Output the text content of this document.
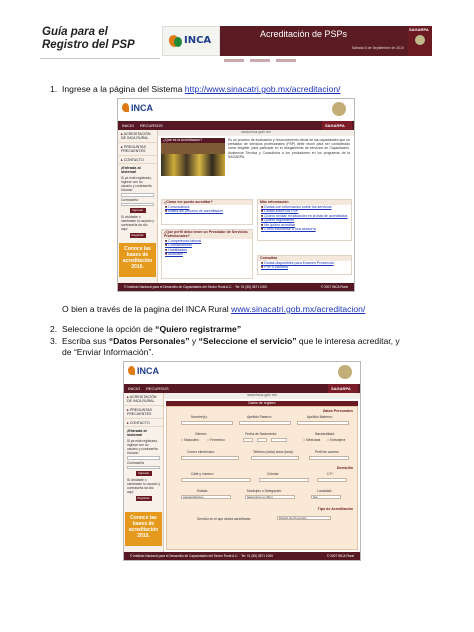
Guía para el
Registro del PSP	INCA
Acreditación de PSPs
Sábado 6 de Septiembre de 2010
SAGARPA
1. Ingrese a la página del Sistema http://www.sinacatri.gob.mx/acreditacion/
INCA
INICIO RECURSOS	SAGARPA
www.inca.gob.mx
▸ ACREDITACIÓN DE INCA RURAL
▸ PREGUNTAS FRECUENTES
▸ CONTACTO
¡Entrada al sistema!
Si ya está registrado, ingrese con su usuario y contraseña
Usuario
Contraseña
Ingresar
Si olvidaste o cambiaste tu usuario y contraseña da clic aquí
Registrar
Conoce las bases de acreditación 2010.
¿Qué es la Acreditación?	Es un proceso de evaluación y reconocimiento oficial de las capacidades que un prestador de servicios profesionales (PSP) debe reunir para ser considerado como elegible, para participar en el otorgamiento de servicios de Capacitación, Asistencia Técnica y Consultoría a los productores en los programas de la SAGARPA.
¿Cómo me puedo acreditar?
■ Convocatoria
■ Bases del proceso de acreditación
Más información
■ Dudas con información sobre los servicios
■ Dudas sobre los PSP
■ Quiero revisar mi situación en la lista de acreditados
■ Quiero registrarme
■ Me quiero acreditar
■ Cómo inscribirse a una asesoría
¿Qué perfil debo tener un Prestador de Servicios Profesionales?
■ Competencia laboral
■ Conocimientos
■ Habilidades
■ Actitudes
Consultas
■ Dudas disponibles para Examen Presencial
■ PSP's inscritos
© Instituto Nacional para el Desarrollo de Capacidades del Sector Rural A.C. · Tel: 01 (55) 3871 1000	© 2007 INCA Rural
O bien a través de la pagina del INCA Rural www.sinacatri.gob.mx/acreditacion/
2. Seleccione la opción de “Quiero registrarme”
3. Escriba sus “Datos Personales” y “Seleccione el servicio” que le interesa acreditar, y
de “Enviar Información”.
INCA
INICIO RECURSOS	SAGARPA
www.inca.gob.mx
▸ ACREDITACIÓN DE INCA RURAL
▸ PREGUNTAS FRECUENTES
▸ CONTACTO
¡Entrada al sistema!
Si ya está registrado, ingrese con su usuario y contraseña
Usuario
Contraseña
Ingresar
Si olvidaste o cambiaste tu usuario y contraseña da clic aquí
Registrar
Conoce las bases de acreditación 2010.
Datos de registro
Datos Personales
Nombre(s):	Apellido Paterno:	Apellido Materno:
Género:	Fecha de Nacimiento:	Nacionalidad:
○ Masculino	○ Femenino	○ Mexicana	○ Extranjera
Correo electrónico:	Teléfono (lada) clave (lada):	Perfil de acceso:
Domicilio
Calle y número:	Colonia:	C.P.:
Estado:	Municipio o Delegación:	Localidad:
Aguascalientes	Seleccione un Mun.	Sel.
Tipo de Acreditación
Servicio en el que desea acreditarse:	Diseño de Proyectos
© Instituto Nacional para el Desarrollo de Capacidades del Sector Rural A.C. · Tel: 01 (55) 3871 1000	© 2007 INCA Rural
